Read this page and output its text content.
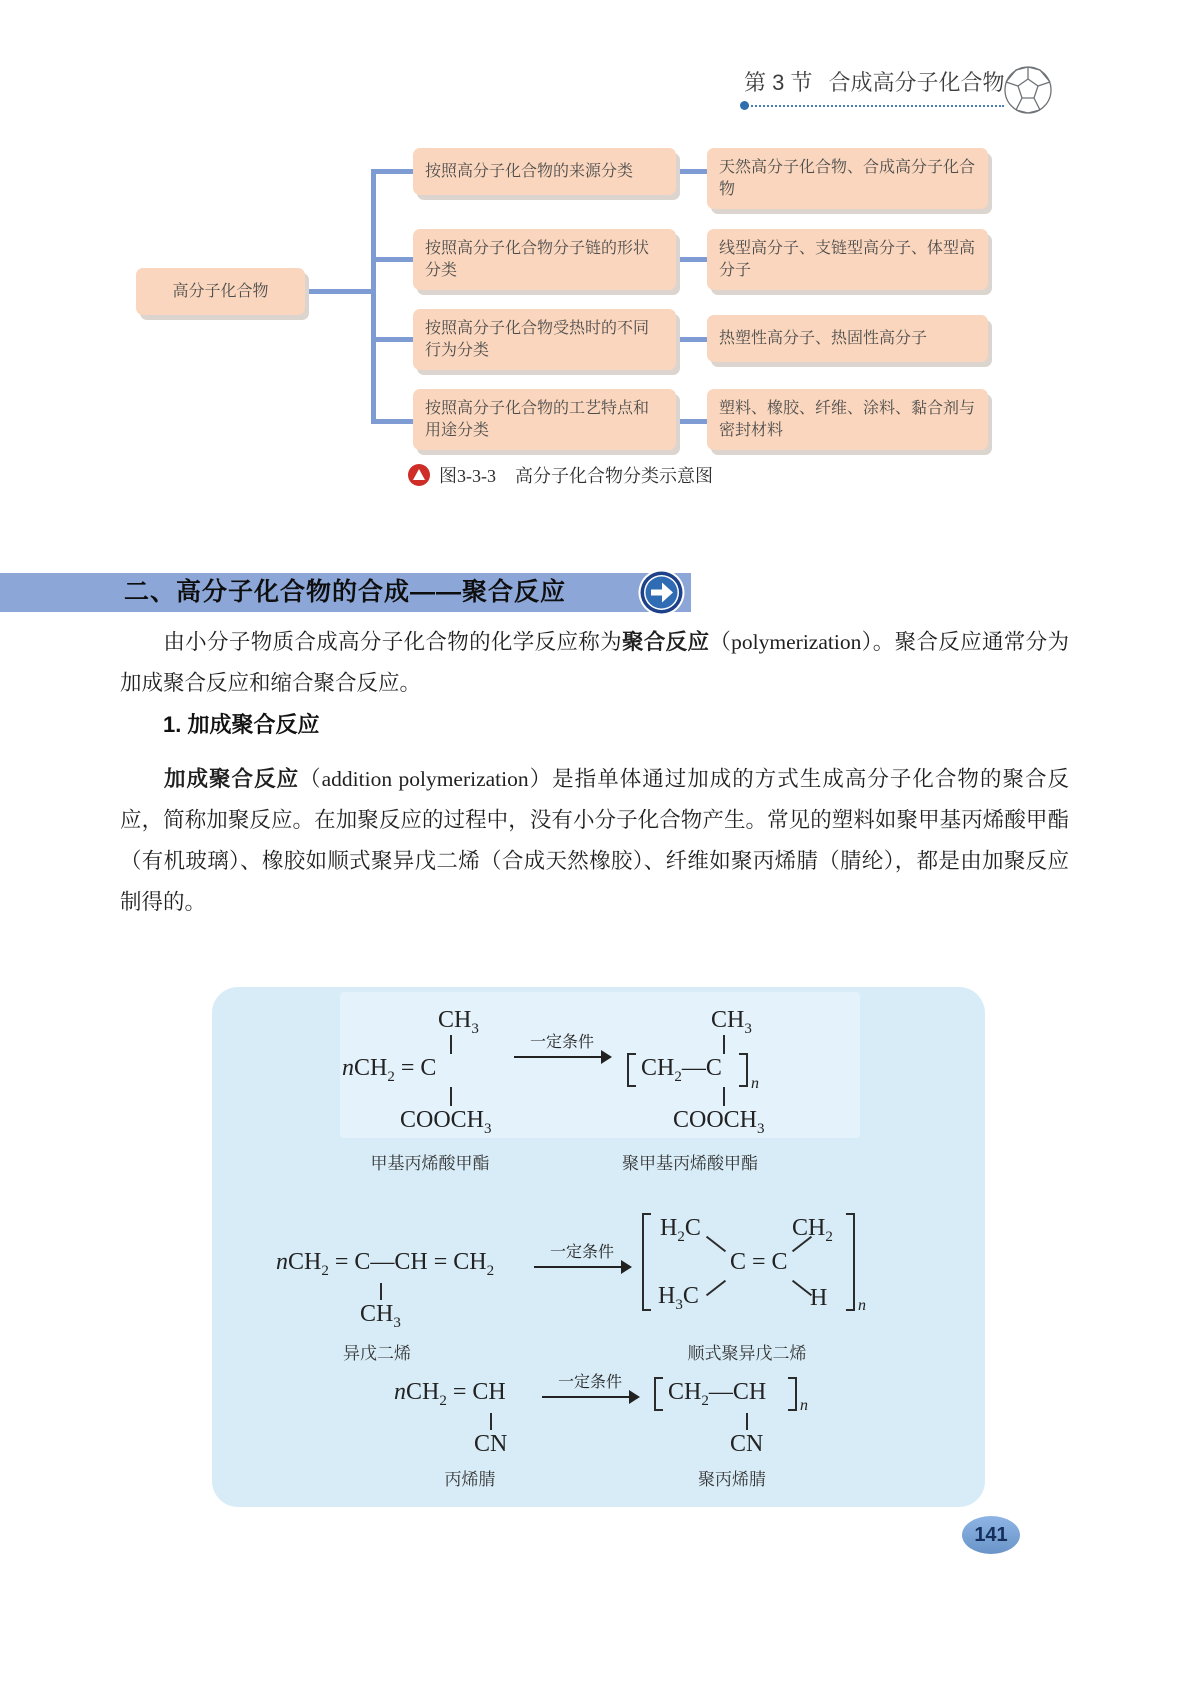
第 3 节 合成高分子化合物
高分子化合物
按照高分子化合物的来源分类
按照高分子化合物分子链的形状分类
按照高分子化合物受热时的不同行为分类
按照高分子化合物的工艺特点和用途分类
天然高分子化合物、合成高分子化合物
线型高分子、支链型高分子、体型高分子
热塑性高分子、热固性高分子
塑料、橡胶、纤维、涂料、黏合剂与密封材料
图3-3-3 高分子化合物分类示意图
二、高分子化合物的合成——聚合反应

由小分子物质合成高分子化合物的化学反应称为聚合反应（polymerization）。聚合反应通常分为加成聚合反应和缩合聚合反应。

1. 加成聚合反应

加成聚合反应（addition polymerization）是指单体通过加成的方式生成高分子化合物的聚合反应，简称加聚反应。在加聚反应的过程中，没有小分子化合物产生。常见的塑料如聚甲基丙烯酸甲酯（有机玻璃）、橡胶如顺式聚异戊二烯（合成天然橡胶）、纤维如聚丙烯腈（腈纶），都是由加聚反应制得的。

$CH_3$
nCH$_2$ = C
$COOCH_3$
一定条件
$CH_2—C$
n
$CH_3$
$COOCH_3$
甲基丙烯酸甲酯	聚甲基丙烯酸甲酯
nCH$_2$ = C—CH = $CH_2$
$CH_3$
一定条件
$H_2C$	$CH_2$
C = C
$H_3C$	H n
异戊二烯	顺式聚异戊二烯
nCH$_2$ = CH
CN
一定条件	$CH_2—CH$
n
CN
丙烯腈	聚丙烯腈
141
